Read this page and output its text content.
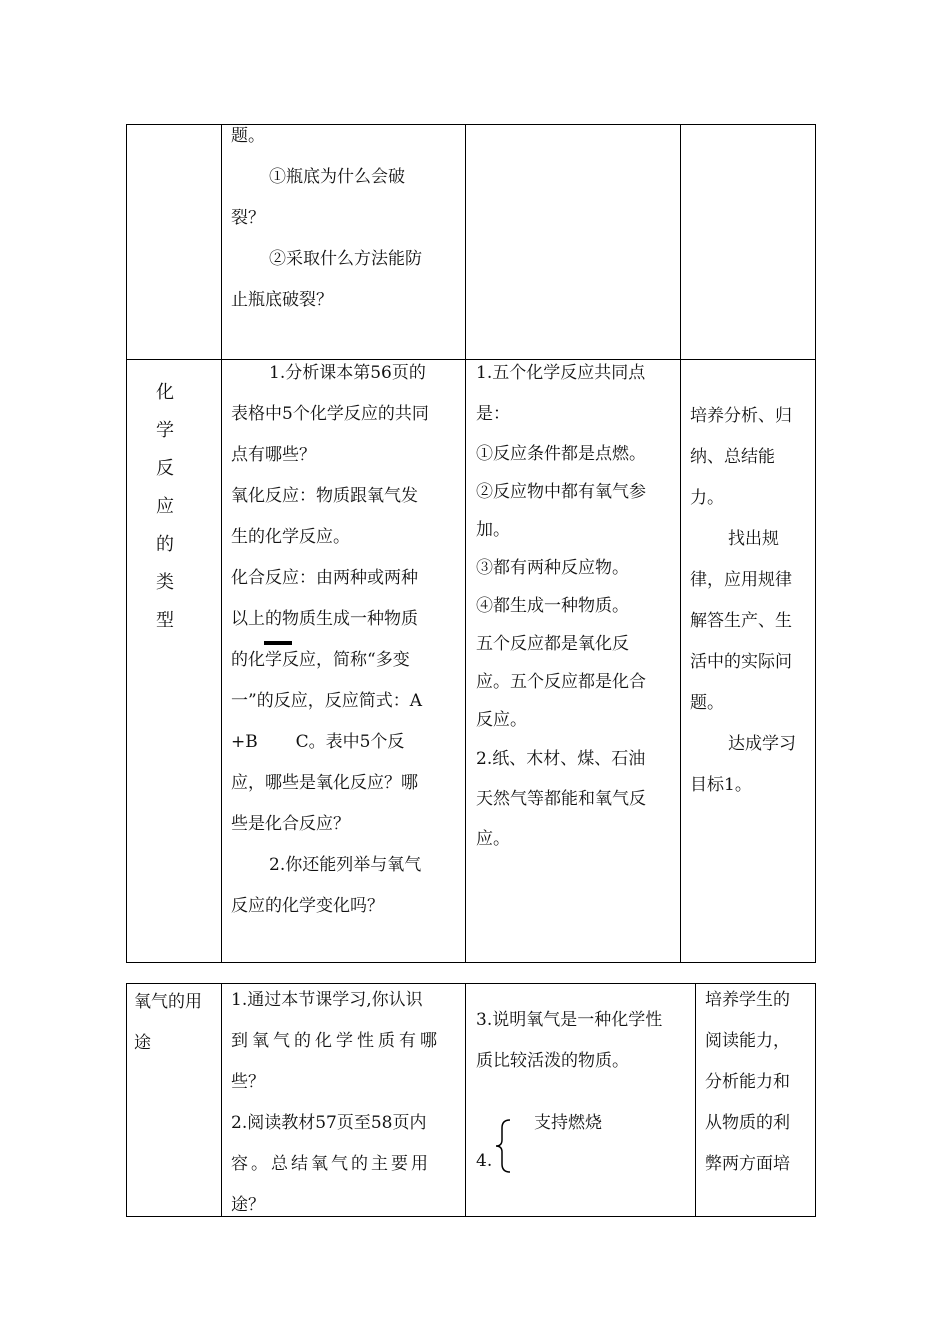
题。

①瓶底为什么会破

裂？

②采取什么方法能防

止瓶底破裂？

化
学
反
应
的
类
型

1.分析课本第56页的

表格中5个化学反应的共同

点有哪些？

氧化反应：物质跟氧气发

生的化学反应。

化合反应：由两种或两种

以上的物质生成一种物质

的化学反应，简称“多变

一”的反应，反应简式：A

+B       C。表中5个反

应，哪些是氧化反应？哪

些是化合反应？

2.你还能列举与氧气

反应的化学变化吗？

1.五个化学反应共同点

是：

①反应条件都是点燃。

②反应物中都有氧气参

加。

③都有两种反应物。

④都生成一种物质。

五个反应都是氧化反

应。五个反应都是化合

反应。

2.纸、木材、煤、石油

天然气等都能和氧气反

应。

培养分析、归

纳、总结能

力。

找出规

律，应用规律

解答生产、生

活中的实际问

题。

达成学习

目标1。

氧气的用

途

1.通过本节课学习,你认识

到氧气的化学性质有哪

些？

2.阅读教材57页至58页内

容。总结氧气的主要用

途？

3.说明氧气是一种化学性

质比较活泼的物质。

支持燃烧
4.

培养学生的

阅读能力，

分析能力和

从物质的利

弊两方面培
